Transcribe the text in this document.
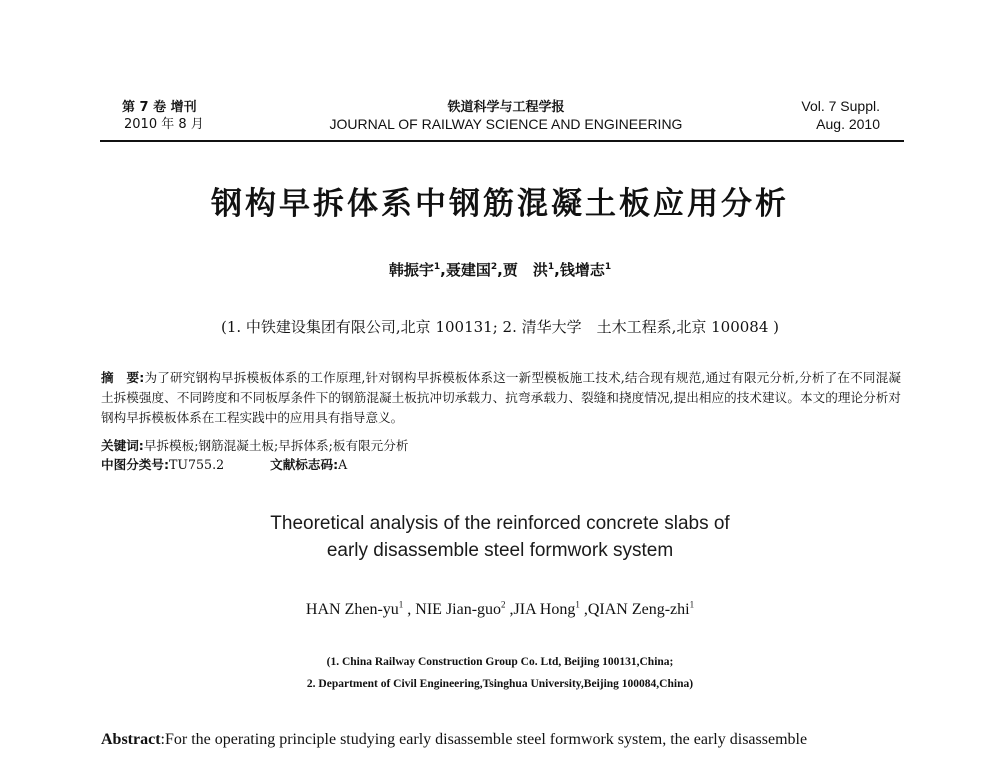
第 7 卷 增刊
2010 年 8 月
铁道科学与工程学报
JOURNAL OF RAILWAY SCIENCE AND ENGINEERING
Vol. 7 Suppl.
Aug. 2010
钢构早拆体系中钢筋混凝土板应用分析
韩振宇$^1$,聂建国$^2$,贾　洪$^1$,钱增志$^1$
(1. 中铁建设集团有限公司,北京 100131; 2. 清华大学　土木工程系,北京 100084 )
摘　要:为了研究钢构早拆模板体系的工作原理,针对钢构早拆模板体系这一新型模板施工技术,结合现有规范,通过有限元分析,分析了在不同混凝土拆模强度、不同跨度和不同板厚条件下的钢筋混凝土板抗冲切承载力、抗弯承载力、裂缝和挠度情况,提出相应的技术建议。本文的理论分析对钢构早拆模板体系在工程实践中的应用具有指导意义。
关键词:早拆模板;钢筋混凝土板;早拆体系;板有限元分析
中图分类号:TU755.2	文献标志码:A
Theoretical analysis of the reinforced concrete slabs of
early disassemble steel formwork system
HAN Zhen-$yu^1$ , NIE Jian-guo$^2$ ,JIA Hong$^1$ ,QIAN Zeng-zhi$^1$
(1. China Railway Construction Group Co. Ltd, Beijing 100131,China;
2. Department of Civil Engineering,Tsinghua University,Beijing 100084,China)
Abstract:For the operating principle studying early disassemble steel formwork system, the early disassemble
